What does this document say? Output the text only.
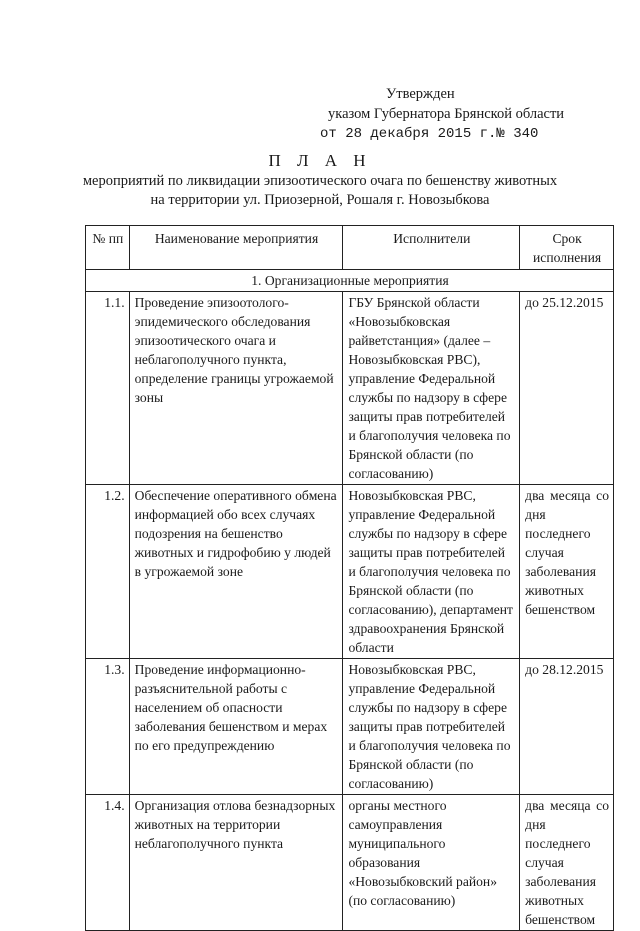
Утвержден
указом Губернатора Брянской области
от 28 декабря 2015 г.№ 340
П Л А Н
мероприятий по ликвидации эпизоотического очага по бешенству животных
на территории ул. Приозерной, Рошаля г. Новозыбкова
№ пп	Наименование мероприятия	Исполнители	Срок исполнения
1. Организационные мероприятия			
1.1.	Проведение эпизоотолого-эпидемического обследования эпизоотического очага и неблагополучного пункта, определение границы угрожаемой зоны	ГБУ Брянской области «Новозыбковская райветстанция» (далее – Новозыбковская РВС), управление Федеральной службы по надзору в сфере защиты прав потребителей и благополучия человека по Брянской области (по согласованию)	до 25.12.2015
1.2.	Обеспечение оперативного обмена информацией обо всех случаях подозрения на бешенство животных и гидрофобию у людей в угрожаемой зоне	Новозыбковская РВС, управление Федеральной службы по надзору в сфере защиты прав потребителей и благополучия человека по Брянской области (по согласованию), департамент здравоохранения Брянской области	два месяца со дня последнего случая заболевания животных бешенством
1.3.	Проведение информационно-разъяснительной работы с населением об опасности заболевания бешенством и мерах по его предупреждению	Новозыбковская РВС, управление Федеральной службы по надзору в сфере защиты прав потребителей и благополучия человека по Брянской области (по согласованию)	до 28.12.2015
1.4.	Организация отлова безнадзорных животных на территории неблагополучного пункта	органы местного самоуправления муниципального образования «Новозыбковский район» (по согласованию)	два месяца со дня последнего случая заболевания животных бешенством
